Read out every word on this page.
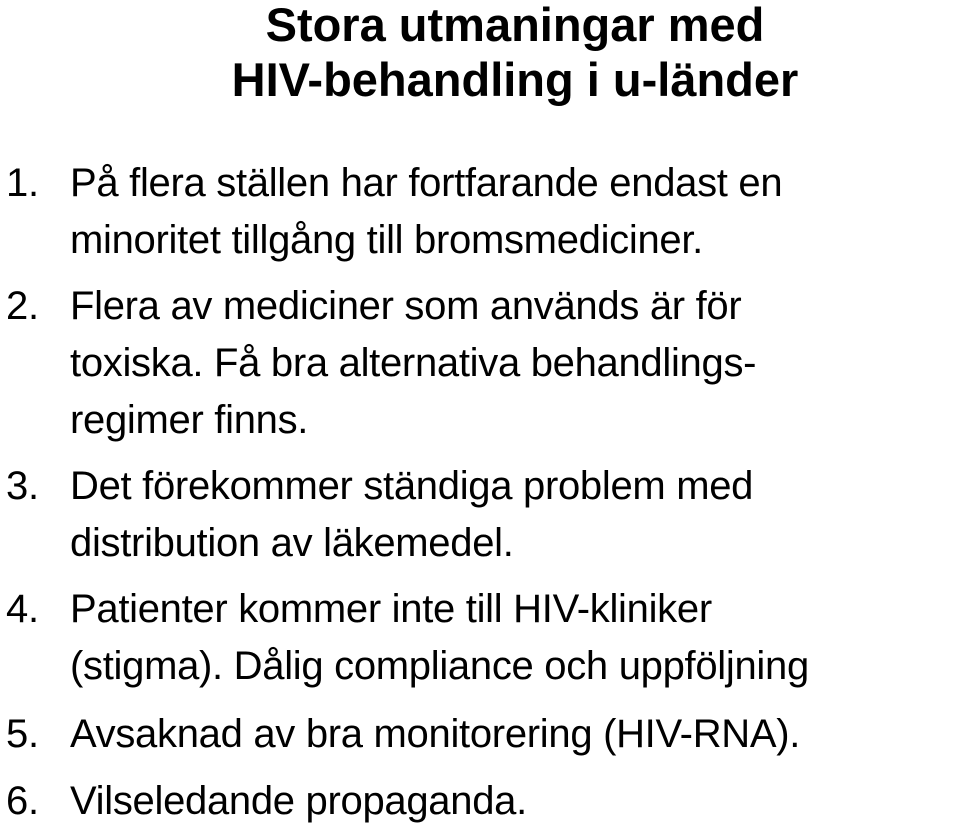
Stora utmaningar med
HIV-behandling i u-länder
1. På flera ställen har fortfarande endast en
minoritet tillgång till bromsmediciner.
2. Flera av mediciner som används är för
toxiska. Få bra alternativa behandlings-
regimer finns.
3. Det förekommer ständiga problem med
distribution av läkemedel.
4. Patienter kommer inte till HIV-kliniker
(stigma). Dålig compliance och uppföljning
5. Avsaknad av bra monitorering (HIV-RNA).
6. Vilseledande propaganda.
